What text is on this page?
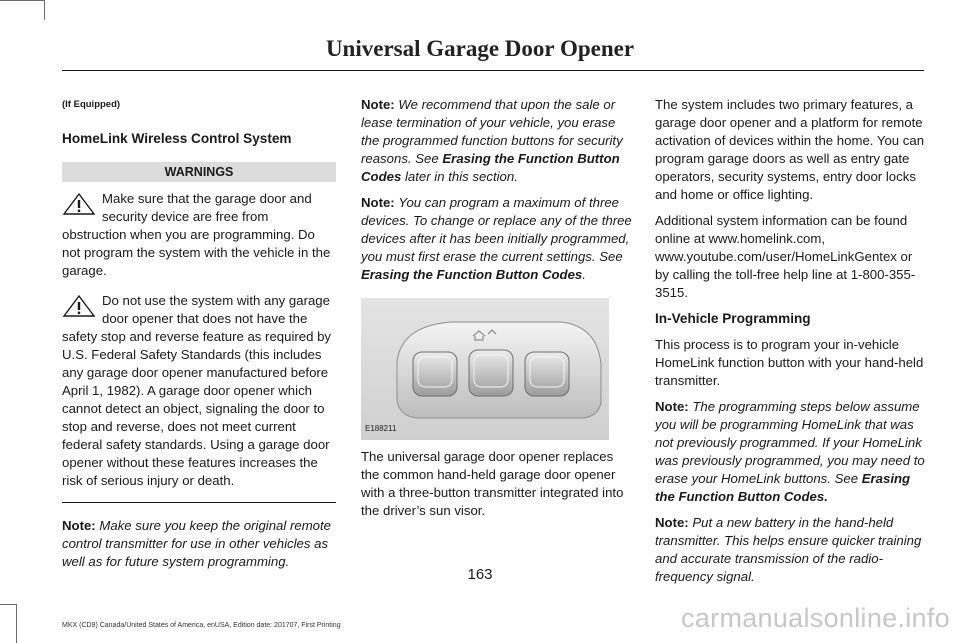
Universal Garage Door Opener

(If Equipped)

HomeLink Wireless Control System

WARNINGS
Make sure that the garage door and security device are free from obstruction when you are programming. Do not program the system with the vehicle in the garage.
Do not use the system with any garage door opener that does not have the safety stop and reverse feature as required by U.S. Federal Safety Standards (this includes any garage door opener manufactured before April 1, 1982). A garage door opener which cannot detect an object, signaling the door to stop and reverse, does not meet current federal safety standards. Using a garage door opener without these features increases the risk of serious injury or death.

Note: Make sure you keep the original remote control transmitter for use in other vehicles as well as for future system programming.

Note: We recommend that upon the sale or lease termination of your vehicle, you erase the programmed function buttons for security reasons. See Erasing the Function Button Codes later in this section.

Note: You can program a maximum of three devices. To change or replace any of the three devices after it has been initially programmed, you must first erase the current settings. See Erasing the Function Button Codes.

E188211

The universal garage door opener replaces the common hand-held garage door opener with a three-button transmitter integrated into the driver’s sun visor.

The system includes two primary features, a garage door opener and a platform for remote activation of devices within the home. You can program garage doors as well as entry gate operators, security systems, entry door locks and home or office lighting.

Additional system information can be found online at www.homelink.com, www.youtube.com/user/HomeLinkGentex or by calling the toll-free help line at 1-800-355-3515.

In-Vehicle Programming

This process is to program your in-vehicle HomeLink function button with your hand-held transmitter.

Note: The programming steps below assume you will be programming HomeLink that was not previously programmed. If your HomeLink was previously programmed, you may need to erase your HomeLink buttons. See Erasing the Function Button Codes.

Note: Put a new battery in the hand-held transmitter. This helps ensure quicker training and accurate transmission of the radio-frequency signal.

163
MKX (CD9) Canada/United States of America, enUSA, Edition date: 201707, First Printing	carmanualsonline.info
